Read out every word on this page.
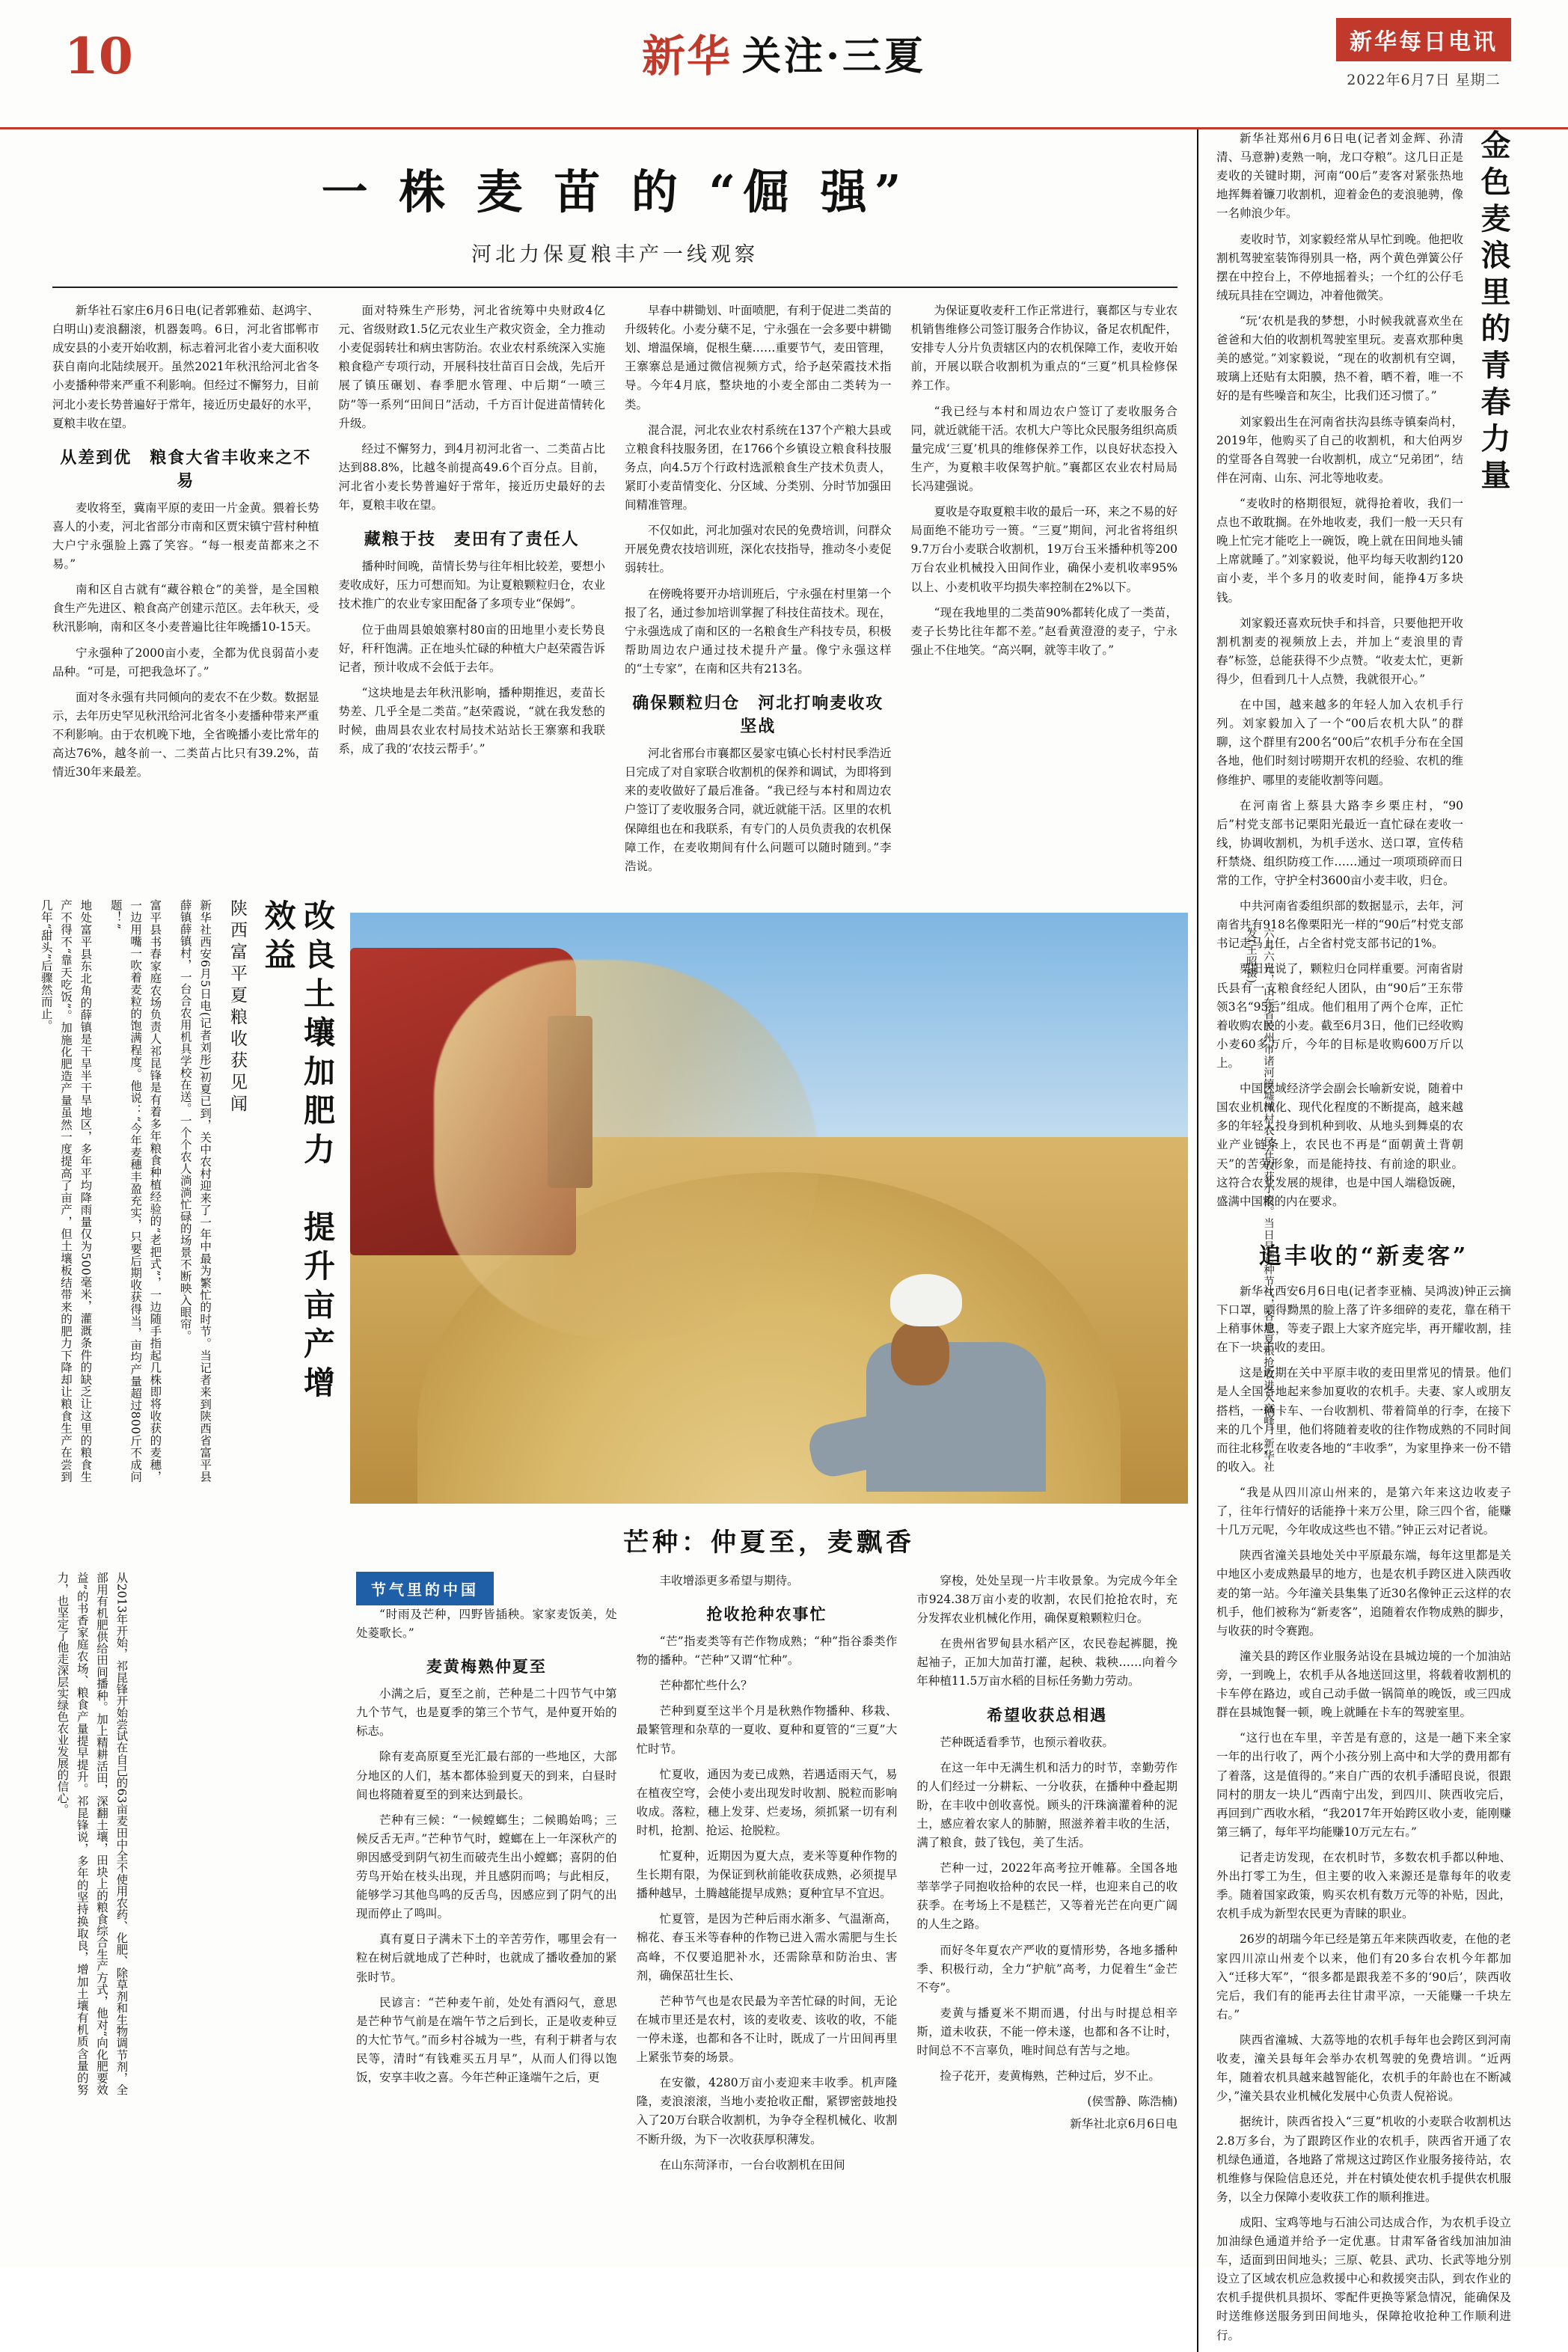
10	新华 关注·三夏	新华每日电讯
2022年6月7日 星期二
一 株 麦 苗 的 “倔 强”
河北力保夏粮丰产一线观察

新华社石家庄6月6日电(记者郭雅茹、赵鸿宇、白明山)麦浪翻滚，机器轰鸣。6日，河北省邯郸市成安县的小麦开始收割，标志着河北省小麦大面积收获自南向北陆续展开。虽然2021年秋汛给河北省冬小麦播种带来严重不利影响。但经过不懈努力，目前河北小麦长势普遍好于常年，接近历史最好的水平，夏粮丰收在望。

从差到优　粮食大省丰收来之不易

麦收将至，冀南平原的麦田一片金黄。猥着长势喜人的小麦，河北省部分市南和区贾宋镇宁营村种植大户宁永强脸上露了笑容。“每一根麦苗都来之不易。”

南和区自古就有“藏谷粮仓”的美誉，是全国粮食生产先进区、粮食高产创建示范区。去年秋天，受秋汛影响，南和区冬小麦普遍比往年晚播10-15天。

宁永强种了2000亩小麦，全都为优良弱苗小麦品种。“可是，可把我急坏了。”

面对冬永强有共同倾向的麦农不在少数。数据显示，去年历史罕见秋汛给河北省冬小麦播种带来严重不利影响。由于农机晚下地，全省晚播小麦比常年的高达76%，越冬前一、二类苗占比只有39.2%，苗情近30年来最差。

面对特殊生产形势，河北省统筹中央财政4亿元、省级财政1.5亿元农业生产救灾资金，全力推动小麦促弱转壮和病虫害防治。农业农村系统深入实施粮食稳产专项行动，开展科技壮苗百日会战，先后开展了镇压碾划、春季肥水管理、中后期“一喷三防”等一系列“田间日”活动，千方百计促进苗情转化升级。

经过不懈努力，到4月初河北省一、二类苗占比达到88.8%，比越冬前提高49.6个百分点。目前，河北省小麦长势普遍好于常年，接近历史最好的去年，夏粮丰收在望。

藏粮于技　麦田有了责任人

播种时间晚，苗情长势与往年相比较差，要想小麦收成好，压力可想而知。为让夏粮颗粒归仓，农业技术推广的农业专家田配备了多项专业“保姆”。

位于曲周县娘娘寨村80亩的田地里小麦长势良好，秆秆饱满。正在地头忙碌的种植大户赵荣霞告诉记者，预计收成不会低于去年。

“这块地是去年秋汛影响，播种期推迟，麦苗长势差、几乎全是二类苗。”赵荣霞说，“就在我发愁的时候，曲周县农业农村局技术站站长王寨寨和我联系，成了我的‘农技云帮手’。”

早春中耕锄划、叶面喷肥，有利于促进二类苗的升级转化。小麦分蘖不足，宁永强在一会多要中耕锄划、增温保墒，促根生蘖……重要节气，麦田管理，王寨寨总是通过微信视频方式，给予赵荣霞技术指导。今年4月底，整块地的小麦全部由二类转为一类。

混合混，河北农业农村系统在137个产粮大县或立粮食科技服务团，在1766个乡镇设立粮食科技服务点，向4.5万个行政村选派粮食生产技术负责人，紧盯小麦苗情变化、分区域、分类别、分时节加强田间精准管理。

不仅如此，河北加强对农民的免费培训，问群众开展免费农技培训班，深化农技指导，推动冬小麦促弱转壮。

在傍晚将要开办培训班后，宁永强在村里第一个报了名，通过参加培训掌握了科技住苗技术。现在，宁永强选成了南和区的一名粮食生产科技专员，积极帮助周边农户通过技术提升产量。像宁永强这样的“土专家”，在南和区共有213名。

确保颗粒归仓　河北打响麦收攻坚战

河北省邢台市襄都区晏家屯镇心长村村民季浩近日完成了对自家联合收割机的保养和调试，为即将到来的麦收做好了最后准备。“我已经与本村和周边农户签订了麦收服务合同，就近就能干活。区里的农机保障组也在和我联系，有专门的人员负责我的农机保障工作，在麦收期间有什么问题可以随时随到。”李浩说。

为保证夏收麦秆工作正常进行，襄都区与专业农机销售维修公司签订服务合作协议，备足农机配件，安排专人分片负责辖区内的农机保障工作，麦收开始前，开展以联合收割机为重点的“三夏”机具检修保养工作。

“我已经与本村和周边农户签订了麦收服务合同，就近就能干活。农机大户等比众民服务组织高质量完成‘三夏’机具的维修保养工作，以良好状态投入生产，为夏粮丰收保驾护航。”襄都区农业农村局局长冯建强说。

夏收是夺取夏粮丰收的最后一环，来之不易的好局面绝不能功亏一篑。“三夏”期间，河北省将组织9.7万台小麦联合收割机，19万台玉米播种机等200万台农业机械投入田间作业，确保小麦机收率95%以上、小麦机收平均损失率控制在2%以下。

“现在我地里的二类苗90%都转化成了一类苗，麦子长势比往年都不差。”赵看黄澄澄的麦子，宁永强止不住地笑。“高兴啊，就等丰收了。”

改良土壤加肥力　提升亩产增效益
陕西富平夏粮收获见闻
新华社西安6月5日电(记者刘彤)初夏已到，关中农村迎来了一年中最为繁忙的时节。当记者来到陕西省富平县薛镇薛镇村，一台合农用机具学校在送。一个个农人淌淌忙碌的场景不断映入眼帘。
富平县书春家庭农场负责人祁昆锋是有着多年粮食种植经验的“老把式”，一边随手指起几株即将收获的麦穗，一边用嘴一吹着麦粒的饱满程度。他说：“今年麦穗丰盈充实，只要后期收获得当，亩均产量超过800斤不成问题！”
地处富平县东北角的薛镇是干旱半干旱地区，多年平均降雨量仅为500毫米，灌溉条件的缺乏让这里的粮食生产不得不“靠天吃饭”。加施化肥造产量虽然一度提高了亩产，但土壤板结带来的肥力下降却让粮食生产在尝到几年“甜头”后骤然而止。	六月六日，山东省胶州市诸河镇墟洋村农民在收获小麦。当日是芒种节气，各地夏粮抢收进入高峰。新华社发(王昭摄)
芒种：仲夏至，麦飘香
从2013年开始，祁昆锋开始尝试在自己的63亩麦田中全不使用农药、化肥、除草剂和生物调节剂，全部用有机肥供给田间播种。加上精耕活田，深翻土壤，田块上的粮食综合生产方式，他对“向化肥要效益”的书香家庭农场、粮食产量提早提升。祁昆锋说，多年的坚持换取良，增加土壤有机质含量的努力，也坚定了他走深层实绿色农业发展的信心。	节气里的中国

“时雨及芒种，四野皆插秧。家家麦饭美，处处菱歌长。”

麦黄梅熟仲夏至

小满之后，夏至之前，芒种是二十四节气中第九个节气，也是夏季的第三个节气，是仲夏开始的标志。

除有麦高原夏至光汇最右部的一些地区，大部分地区的人们，基本都体验到夏天的到来，白昼时间也将随着夏至的到来达到最长。

芒种有三候：“一候螳螂生；二候鵙始鸣；三候反舌无声。”芒种节气时，螳螂在上一年深秋产的卵因感受到阴气初生而破壳生出小螳螂；喜阴的伯劳鸟开始在枝头出现，并且感阴而鸣；与此相反，能够学习其他鸟鸣的反舌鸟，因感应到了阴气的出现而停止了鸣叫。

真有夏日子满未下土的辛苦劳作，哪里会有一粒在树后就地成了芒种时，也就成了播收叠加的紧张时节。

民谚言：“芒种麦午前，处处有酒闷气，意思是芒种节气前是在端午节之后到长，正是收麦种豆的大忙节气。”而乡村谷城为一些，有利于耕者与农民等，清时“有钱难买五月早”，从而人们得以饱饭，安享丰收之喜。今年芒种正逢端午之后，更

丰收增添更多希望与期待。

抢收抢种农事忙

“芒”指麦类等有芒作物成熟；“种”指谷黍类作物的播种。“芒种”又谓“忙种”。

芒种都忙些什么？

芒种到夏至这半个月是秋熟作物播种、移栽、最繁管理和杂草的一夏收、夏种和夏管的“三夏”大忙时节。

忙夏收，通因为麦已成熟，若遇适雨天气，易在植夜空穹，会使小麦出现发时收割、脱粒而影响收成。落粒，穗上发芽、烂麦场，须抓紧一切有利时机，抢割、抢运、抢脱粒。

忙夏种，近期因为夏大点，麦米等夏种作物的生长期有限，为保证到秋前能收获成熟，必须提早播种越早，土腾越能提早成熟；夏种宜早不宜迟。

忙夏管，是因为芒种后雨水渐多、气温渐高，棉花、春玉米等春种的作物已进入需水需肥与生长高峰，不仅要追肥补水，还需除草和防治虫、害剂，确保茁壮生长、

芒种节气也是农民最为辛苦忙碌的时间，无论在城市里还是农村，该的麦收麦、该收的收，不能一停未遂，也都和各不让时，既成了一片田间再里上紧张节奏的场景。

在安徽，4280万亩小麦迎来丰收季。机声隆隆，麦浪滚滚，当地小麦抢收正酣，紧锣密鼓地投入了20万台联合收割机，为争夺全程机械化、收割不断升级，为下一次收获厚积薄发。

在山东菏泽市，一台台收割机在田间

穿梭，处处呈现一片丰收景象。为完成今年全市924.38万亩小麦的收割，农民们抢抢农时，充分发挥农业机械化作用，确保夏粮颗粒归仓。

在贵州省罗甸县水稻产区，农民卷起裤腿，挽起袖子，正加大加苗打灌，起秧、栽秧……向着今年种植11.5万亩水稻的目标任务勤力劳动。

希望收获总相遇

芒种既适看季节，也预示着收获。

在这一年中无满生机和活力的时节，幸勤劳作的人们经过一分耕耘、一分收获，在播种中叠起期盼，在丰收中创收喜悦。顾头的汗珠滴灌着种的泥土，感应着农家人的肺腑，照滋养着丰收的生活，满了粮食，鼓了钱包，美了生活。

芒种一过，2022年高考拉开帷幕。全国各地莘莘学子同抱收拾种的农民一样，也迎来自己的收获季。在考场上不是糕芒，又等着光芒在向更广阔的人生之路。

而好冬年夏农产严收的夏情形势，各地多播种季、积极行动，全力“护航”高考，力促着生“金芒不夸”。

麦黄与播夏米不期而遇，付出与时提总相辛斯，道未收获，不能一停未遂，也都和各不让时，时间总不不言辜负，唯时间总有苦与之地。

捡子花开，麦黄梅熟，芒种过后，岁不止。

(侯雪静、陈浩楠)
新华社北京6月6日电
金色麦浪里的青春力量

新华社郑州6月6日电(记者刘金辉、孙清清、马意翀)麦熟一响，龙口夺粮”。这几日正是麦收的关键时期，河南“00后”麦客对紧张热地地挥舞着镰刀收割机，迎着金色的麦浪驰骋，像一名帅浪少年。

麦收时节，刘家毅经常从早忙到晚。他把收割机驾驶室装饰得别具一格，两个黄色弹簧公仔摆在中控台上，不停地摇着头；一个红的公仔毛绒玩具挂在空调边，冲着他微笑。

“玩‘农机是我的梦想，小时候我就喜欢坐在爸爸和大伯的收割机驾驶室里玩。麦喜欢那种奥美的感觉。”刘家毅说，“现在的收割机有空调，玻璃上还贴有太阳膜，热不着，晒不着，唯一不好的是有些噪音和灰尘，比我们还习惯了。”

刘家毅出生在河南省扶沟县练寺镇秦尚村，2019年，他购买了自己的收割机，和大伯两岁的堂哥各自驾驶一台收割机，成立“兄弟团”，结伴在河南、山东、河北等地收麦。

“麦收时的格期很短，就得抢着收，我们一点也不敢耽搁。在外地收麦，我们一般一天只有晚上忙完才能吃上一碗饭，晚上就在田间地头铺上席就睡了。”刘家毅说，他平均每天收割约120亩小麦，半个多月的收麦时间，能挣4万多块钱。

刘家毅还喜欢玩快手和抖音，只要他把开收割机割麦的视频放上去，并加上“麦浪里的青春”标签，总能获得不少点赞。“收麦太忙，更新得少，但看到几十人点赞，我就很开心。”

在中国，越来越多的年轻人加入农机手行列。刘家毅加入了一个“00后农机大队”的群聊，这个群里有200名“00后”农机手分布在全国各地，他们时刻讨唠期开农机的经验、农机的维修维护、哪里的麦能收割等问题。

在河南省上蔡县大路李乡栗庄村，“90后”村党支部书记栗阳光最近一直忙碌在麦收一线，协调收割机，为机手送水、送口罩，宣传秸秆禁烧、组织防疫工作……通过一项项琐碎而日常的工作，守护全村3600亩小麦丰收，归仓。

中共河南省委组织部的数据显示，去年，河南省共有918名像栗阳光一样的“90后”村党支部书记走马上任，占全省村党支部书记的1%。

栗阳光说了，颗粒归仓同样重要。河南省尉氏县有一支粮食经纪人团队，由“90后”王东带领3名“95后”组成。他们租用了两个仓库，正忙着收购农民的小麦。截至6月3日，他们已经收购小麦60多万斤，今年的目标是收购600万斤以上。

中国区域经济学会副会长喻新安说，随着中国农业机械化、现代化程度的不断提高，越来越多的年轻人投身到机种到收、从地头到舞桌的农业产业链条上，农民也不再是“面朝黄土背朝天”的苦劳形象，而是能持技、有前途的职业。这符合农业发展的规律，也是中国人端稳饭碗，盛满中国粮的内在要求。

追丰收的“新麦客”

新华社西安6月6日电(记者李亚楠、吴鸿波)钟正云摘下口罩，晒得黝黑的脸上落了许多细碎的麦花，靠在稍干上稍事休息，等麦子跟上大家齐庭完毕，再开耀收割，挂在下一块丰收的麦田。

这是近期在关中平原丰收的麦田里常见的情景。他们是人全国各地起来参加夏收的农机手。夫妻、家人或朋友搭档，一辆卡车、一台收割机、带着简单的行李，在接下来的几个月里，他们将随着麦收的往作物成熟的不同时间而往北移，在收麦各地的“丰收季”，为家里挣来一份不错的收入。

“我是从四川凉山州来的，是第六年来这边收麦子了，往年行情好的话能挣十来万公里，除三四个省，能赚十几万元呢，今年收成这些也不错。”钟正云对记者说。

陕西省潼关县地处关中平原最东端，每年这里都是关中地区小麦成熟最早的地方，也是农机手跨区进入陕西收麦的第一站。今年潼关县集集了近30名像钟正云这样的农机手，他们被称为“新麦客”，追随着农作物成熟的脚步，与收获的时令赛跑。

潼关县的跨区作业服务站设在县城边境的一个加油站旁，一到晚上，农机手从各地送回这里，将载着收割机的卡车停在路边，或自己动手做一锅简单的晚饭，或三四成群在县城饱餐一顿，晚上就睡在卡车的驾驶室里。

“这行也在车里，辛苦是有意的，这是一趟下来全家一年的出行收了，两个小孩分别上高中和大学的费用都有了着落，这是值得的。”来自广西的农机手潘昭良说，很跟同村的朋友一块儿“西南宁出发，到四川、陕西收完后，再回到广西收水稻，“我2017年开始跨区收小麦，能刚赚第三辆了，每年平均能赚10万元左右。”

记者走访发现，在农机时节，多数农机手都以种地、外出打零工为生，但主要的收入来源还是靠每年的收麦季。随着国家政策，购买农机有数万元等的补贴，因此，农机手成为新型农民更为青睐的职业。

26岁的胡瑞今年已经是第五年来陕西收麦，在他的老家四川凉山州麦个以来，他们有20多台农机今年都加入“迁移大军”，“很多都是跟我差不多的‘90后’，陕西收完后，我们有的能再去往甘肃平凉，一天能赚一千块左右。”

陕西省潼城、大荔等地的农机手每年也会跨区到河南收麦，潼关县每年会举办农机驾驶的免费培训。“近两年，随着农机具越来越智能化，农机手的年龄也在不断减少，”潼关县农业机械化发展中心负责人倪裕说。

据统计，陕西省投入“三夏”机收的小麦联合收割机达2.8万多台，为了跟跨区作业的农机手，陕西省开通了农机绿色通道，各地路了常规这过跨区作业服务接待站，农机维修与保险信息还兑，并在村镇处使农机手提供农机服务，以全力保障小麦收获工作的顺利推进。

成阳、宝鸡等地与石油公司达成合作，为农机手设立加油绿色通道并给予一定优惠。甘肃军备省线加油加油车，适面到田间地头；三原、乾县、武功、长武等地分别设立了区域农机应急救援中心和救援突击队，到农作业的农机手提供机具损坏、零配件更换等紧急情况，能确保及时送维修送服务到田间地头，保障抢收抢种工作顺利进行。
